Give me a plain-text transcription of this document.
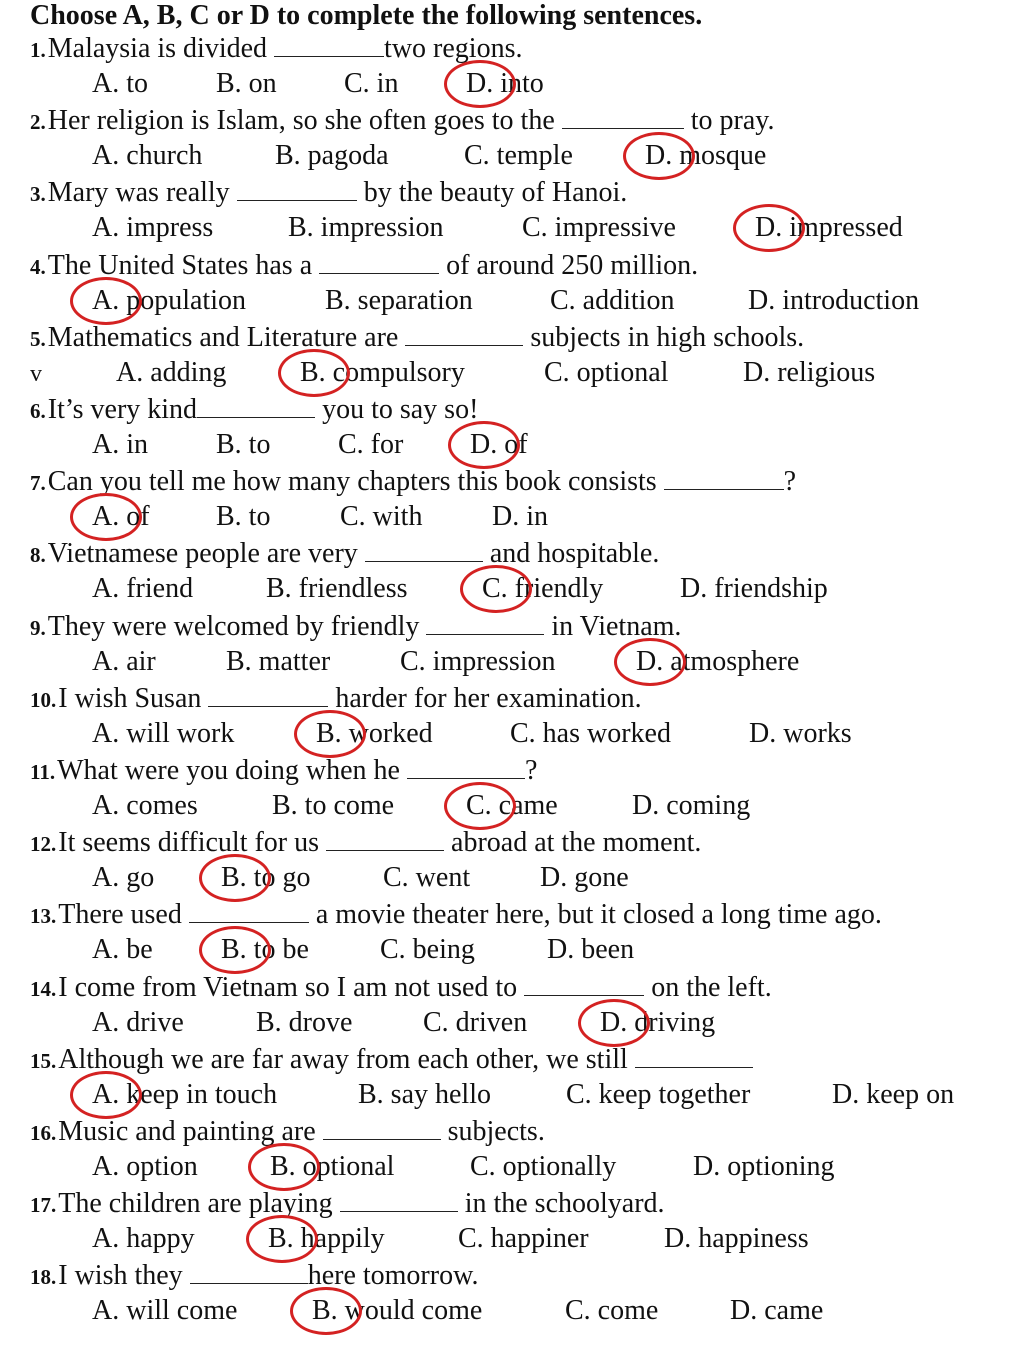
Choose A, B, C or D to complete the following sentences.
1.Malaysia is divided	two regions.
A. to B. on C. in D. into
2.Her religion is Islam, so she often goes to the	to pray.
A. church	B. pagoda	C. temple	D. mosque
3.Mary was really	by the beauty of Hanoi.
A. impress	B. impression	C. impressive	D. impressed
4.The United States has a	of around 250 million.
A. population	B. separation	C. addition	D. introduction
5.Mathematics and Literature are	subjects in high schools.
A. adding	B. compulsory	C. optional	D. religious
v
6.It’s very kind	you to say so!
A. in B. to C. for D. of
7.Can you tell me how many chapters this book consists	?
A. of B. to C. with D. in
8.Vietnamese people are very	and hospitable.
A. friend	B. friendless	C. friendly	D. friendship
9.They were welcomed by friendly	in Vietnam.
A. air	B. matter C. impression	D. atmosphere
10.I wish Susan	harder for her examination.
A. will work	B. worked	C. has worked	D. works
11.What were you doing when he	?
A. comes	B. to come	C. came	D. coming
12.It seems difficult for us	abroad at the moment.
A. go B. to go	C. went D. gone
13.There used	a movie theater here, but it closed a long time ago.
A. be B. to be	C. being	D. been
14.I come from Vietnam so I am not used to	on the left.
A. drive	B. drove	C. driven	D. driving
15.Although we are far away from each other, we still
A. keep in touch	B. say hello	C. keep together	D. keep on
16.Music and painting are	subjects.
A. option	B. optional	C. optionally	D. optioning
17.The children are playing	in the schoolyard.
A. happy	B. happily	C. happiner	D. happiness
18.I wish they	here tomorrow.
A. will come	B. would come	C. come	D. came
